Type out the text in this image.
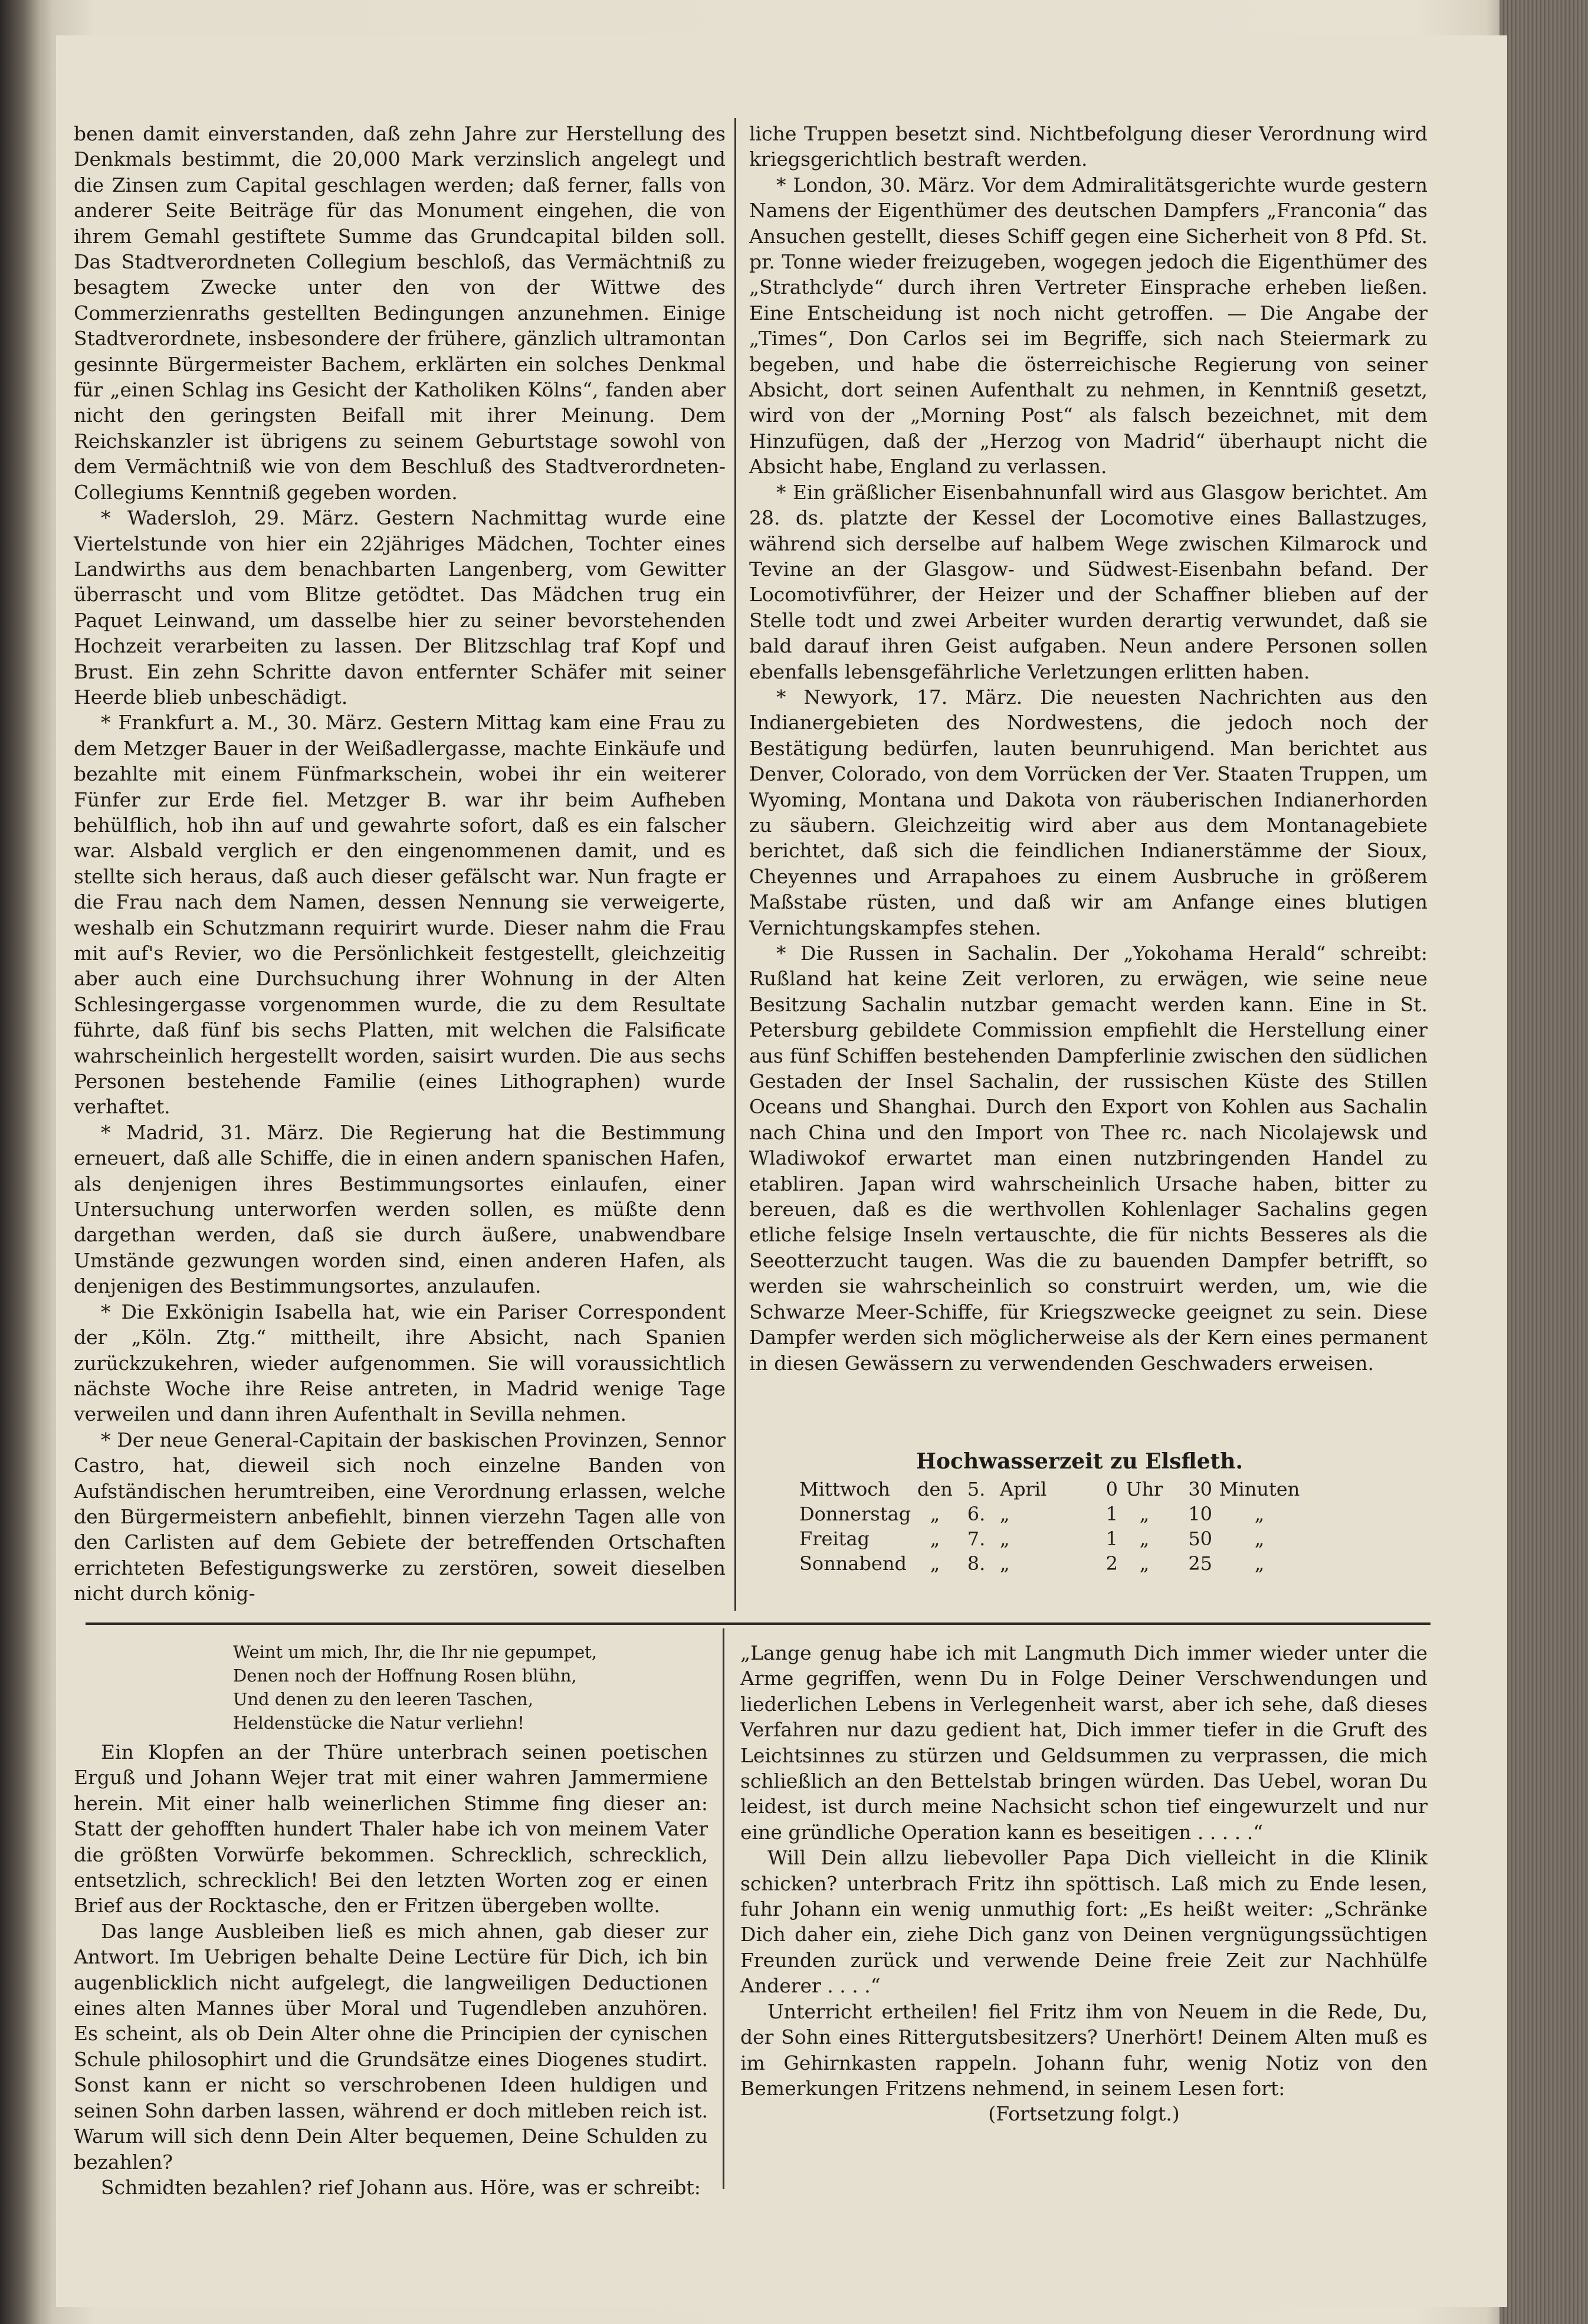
benen damit einverstanden, daß zehn Jahre zur Herstellung des Denkmals bestimmt, die 20,000 Mark verzinslich angelegt und die Zinsen zum Capital geschlagen werden; daß ferner, falls von anderer Seite Beiträge für das Monument eingehen, die von ihrem Gemahl gestiftete Summe das Grundcapital bilden soll. Das Stadtverordneten Collegium beschloß, das Vermächtniß zu besagtem Zwecke unter den von der Wittwe des Commerzienraths gestellten Bedingungen anzunehmen. Einige Stadtverordnete, insbesondere der frühere, gänzlich ultramontan gesinnte Bürgermeister Bachem, erklärten ein solches Denkmal für „einen Schlag ins Gesicht der Katholiken Kölns“, fanden aber nicht den geringsten Beifall mit ihrer Meinung. Dem Reichskanzler ist übrigens zu seinem Geburtstage sowohl von dem Vermächtniß wie von dem Beschluß des Stadtverordneten-Collegiums Kenntniß gegeben worden.

* Wadersloh, 29. März. Gestern Nachmittag wurde eine Viertelstunde von hier ein 22jähriges Mädchen, Tochter eines Landwirths aus dem benachbarten Langenberg, vom Gewitter überrascht und vom Blitze getödtet. Das Mädchen trug ein Paquet Leinwand, um dasselbe hier zu seiner bevorstehenden Hochzeit verarbeiten zu lassen. Der Blitzschlag traf Kopf und Brust. Ein zehn Schritte davon entfernter Schäfer mit seiner Heerde blieb unbeschädigt.

* Frankfurt a. M., 30. März. Gestern Mittag kam eine Frau zu dem Metzger Bauer in der Weißadlergasse, machte Einkäufe und bezahlte mit einem Fünfmarkschein, wobei ihr ein weiterer Fünfer zur Erde fiel. Metzger B. war ihr beim Aufheben behülflich, hob ihn auf und gewahrte sofort, daß es ein falscher war. Alsbald verglich er den eingenommenen damit, und es stellte sich heraus, daß auch dieser gefälscht war. Nun fragte er die Frau nach dem Namen, dessen Nennung sie verweigerte, weshalb ein Schutzmann requirirt wurde. Dieser nahm die Frau mit auf's Revier, wo die Persönlichkeit festgestellt, gleichzeitig aber auch eine Durchsuchung ihrer Wohnung in der Alten Schlesingergasse vorgenommen wurde, die zu dem Resultate führte, daß fünf bis sechs Platten, mit welchen die Falsificate wahrscheinlich hergestellt worden, saisirt wurden. Die aus sechs Personen bestehende Familie (eines Lithographen) wurde verhaftet.

* Madrid, 31. März. Die Regierung hat die Bestimmung erneuert, daß alle Schiffe, die in einen andern spanischen Hafen, als denjenigen ihres Bestimmungsortes einlaufen, einer Untersuchung unterworfen werden sollen, es müßte denn dargethan werden, daß sie durch äußere, unabwendbare Umstände gezwungen worden sind, einen anderen Hafen, als denjenigen des Bestimmungsortes, anzulaufen.

* Die Exkönigin Isabella hat, wie ein Pariser Correspondent der „Köln. Ztg.“ mittheilt, ihre Absicht, nach Spanien zurückzukehren, wieder aufgenommen. Sie will voraussichtlich nächste Woche ihre Reise antreten, in Madrid wenige Tage verweilen und dann ihren Aufenthalt in Sevilla nehmen.

* Der neue General-Capitain der baskischen Provinzen, Sennor Castro, hat, dieweil sich noch einzelne Banden von Aufständischen herumtreiben, eine Verordnung erlassen, welche den Bürgermeistern anbefiehlt, binnen vierzehn Tagen alle von den Carlisten auf dem Gebiete der betreffenden Ortschaften errichteten Befestigungswerke zu zerstören, soweit dieselben nicht durch könig-

liche Truppen besetzt sind. Nichtbefolgung dieser Verordnung wird kriegsgerichtlich bestraft werden.

* London, 30. März. Vor dem Admiralitätsgerichte wurde gestern Namens der Eigenthümer des deutschen Dampfers „Franconia“ das Ansuchen gestellt, dieses Schiff gegen eine Sicherheit von 8 Pfd. St. pr. Tonne wieder freizugeben, wogegen jedoch die Eigenthümer des „Strathclyde“ durch ihren Vertreter Einsprache erheben ließen. Eine Entscheidung ist noch nicht getroffen. — Die Angabe der „Times“, Don Carlos sei im Begriffe, sich nach Steiermark zu begeben, und habe die österreichische Regierung von seiner Absicht, dort seinen Aufenthalt zu nehmen, in Kenntniß gesetzt, wird von der „Morning Post“ als falsch bezeichnet, mit dem Hinzufügen, daß der „Herzog von Madrid“ überhaupt nicht die Absicht habe, England zu verlassen.

* Ein gräßlicher Eisenbahnunfall wird aus Glasgow berichtet. Am 28. ds. platzte der Kessel der Locomotive eines Ballastzuges, während sich derselbe auf halbem Wege zwischen Kilmarock und Tevine an der Glasgow- und Südwest-Eisenbahn befand. Der Locomotivführer, der Heizer und der Schaffner blieben auf der Stelle todt und zwei Arbeiter wurden derartig verwundet, daß sie bald darauf ihren Geist aufgaben. Neun andere Personen sollen ebenfalls lebensgefährliche Verletzungen erlitten haben.

* Newyork, 17. März. Die neuesten Nachrichten aus den Indianergebieten des Nordwestens, die jedoch noch der Bestätigung bedürfen, lauten beunruhigend. Man berichtet aus Denver, Colorado, von dem Vorrücken der Ver. Staaten Truppen, um Wyoming, Montana und Dakota von räuberischen Indianerhorden zu säubern. Gleichzeitig wird aber aus dem Montanagebiete berichtet, daß sich die feindlichen Indianerstämme der Sioux, Cheyennes und Arrapahoes zu einem Ausbruche in größerem Maßstabe rüsten, und daß wir am Anfange eines blutigen Vernichtungskampfes stehen.

* Die Russen in Sachalin. Der „Yokohama Herald“ schreibt: Rußland hat keine Zeit verloren, zu erwägen, wie seine neue Besitzung Sachalin nutzbar gemacht werden kann. Eine in St. Petersburg gebildete Commission empfiehlt die Herstellung einer aus fünf Schiffen bestehenden Dampferlinie zwischen den südlichen Gestaden der Insel Sachalin, der russischen Küste des Stillen Oceans und Shanghai. Durch den Export von Kohlen aus Sachalin nach China und den Import von Thee rc. nach Nicolajewsk und Wladiwokof erwartet man einen nutzbringenden Handel zu etabliren. Japan wird wahrscheinlich Ursache haben, bitter zu bereuen, daß es die werthvollen Kohlenlager Sachalins gegen etliche felsige Inseln vertauschte, die für nichts Besseres als die Seeotterzucht taugen. Was die zu bauenden Dampfer betrifft, so werden sie wahrscheinlich so construirt werden, um, wie die Schwarze Meer-Schiffe, für Kriegszwecke geeignet zu sein. Diese Dampfer werden sich möglicherweise als der Kern eines permanent in diesen Gewässern zu verwendenden Geschwaders erweisen.

Hochwasserzeit zu Elsfleth.
Mittwoch	den	5.	April	0	Uhr	30	Minuten
Donnerstag	„	6.	„	1	„	10	„
Freitag	„	7.	„	1	„	50	„
Sonnabend	„	8.	„	2	„	25	„
Weint um mich, Ihr, die Ihr nie gepumpet,
Denen noch der Hoffnung Rosen blühn,
Und denen zu den leeren Taschen,
Heldenstücke die Natur verliehn!

Ein Klopfen an der Thüre unterbrach seinen poetischen Erguß und Johann Wejer trat mit einer wahren Jammermiene herein. Mit einer halb weinerlichen Stimme fing dieser an: Statt der gehofften hundert Thaler habe ich von meinem Vater die größten Vorwürfe bekommen. Schrecklich, schrecklich, entsetzlich, schrecklich! Bei den letzten Worten zog er einen Brief aus der Rocktasche, den er Fritzen übergeben wollte.

Das lange Ausbleiben ließ es mich ahnen, gab dieser zur Antwort. Im Uebrigen behalte Deine Lectüre für Dich, ich bin augenblicklich nicht aufgelegt, die langweiligen Deductionen eines alten Mannes über Moral und Tugendleben anzuhören. Es scheint, als ob Dein Alter ohne die Principien der cynischen Schule philosophirt und die Grundsätze eines Diogenes studirt. Sonst kann er nicht so verschrobenen Ideen huldigen und seinen Sohn darben lassen, während er doch mitleben reich ist. Warum will sich denn Dein Alter bequemen, Deine Schulden zu bezahlen?

Schmidten bezahlen? rief Johann aus. Höre, was er schreibt:

„Lange genug habe ich mit Langmuth Dich immer wieder unter die Arme gegriffen, wenn Du in Folge Deiner Verschwendungen und liederlichen Lebens in Verlegenheit warst, aber ich sehe, daß dieses Verfahren nur dazu gedient hat, Dich immer tiefer in die Gruft des Leichtsinnes zu stürzen und Geldsummen zu verprassen, die mich schließlich an den Bettelstab bringen würden. Das Uebel, woran Du leidest, ist durch meine Nachsicht schon tief eingewurzelt und nur eine gründliche Operation kann es beseitigen . . . . .“

Will Dein allzu liebevoller Papa Dich vielleicht in die Klinik schicken? unterbrach Fritz ihn spöttisch. Laß mich zu Ende lesen, fuhr Johann ein wenig unmuthig fort: „Es heißt weiter: „Schränke Dich daher ein, ziehe Dich ganz von Deinen vergnügungssüchtigen Freunden zurück und verwende Deine freie Zeit zur Nachhülfe Anderer . . . .“

Unterricht ertheilen! fiel Fritz ihm von Neuem in die Rede, Du, der Sohn eines Rittergutsbesitzers? Unerhört! Deinem Alten muß es im Gehirnkasten rappeln. Johann fuhr, wenig Notiz von den Bemerkungen Fritzens nehmend, in seinem Lesen fort:

(Fortsetzung folgt.)
